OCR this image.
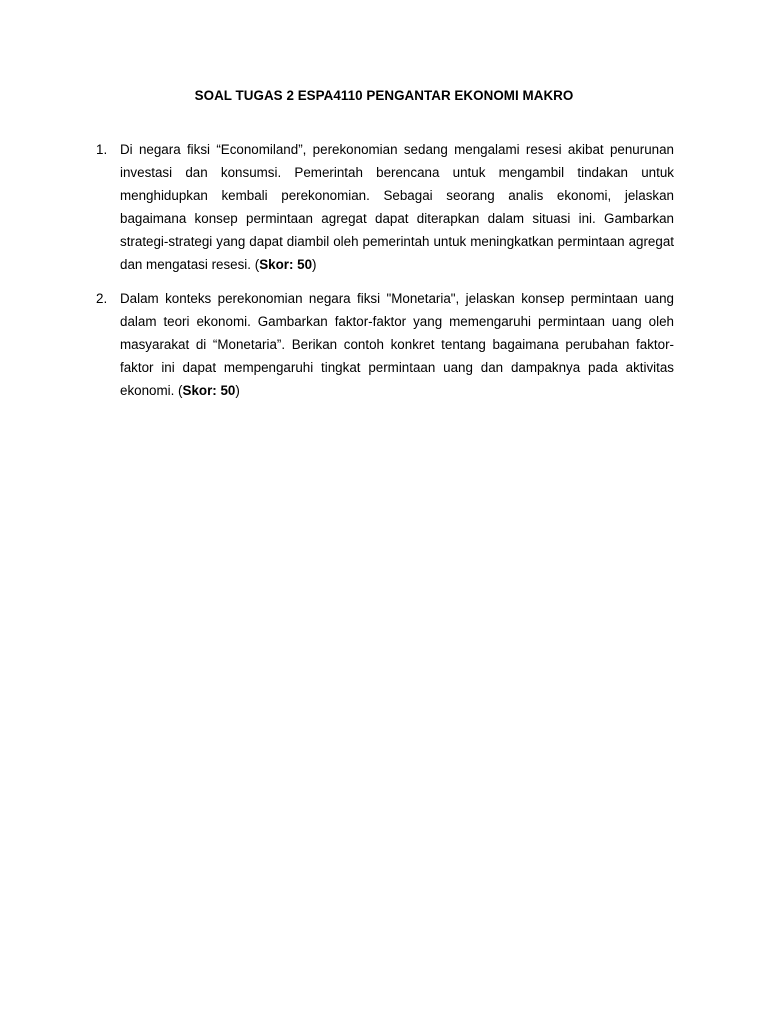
SOAL TUGAS 2 ESPA4110 PENGANTAR EKONOMI MAKRO
1. Di negara fiksi “Economiland”, perekonomian sedang mengalami resesi akibat penurunan investasi dan konsumsi. Pemerintah berencana untuk mengambil tindakan untuk menghidupkan kembali perekonomian. Sebagai seorang analis ekonomi, jelaskan bagaimana konsep permintaan agregat dapat diterapkan dalam situasi ini. Gambarkan strategi-strategi yang dapat diambil oleh pemerintah untuk meningkatkan permintaan agregat dan mengatasi resesi. (Skor: 50)
2. Dalam konteks perekonomian negara fiksi "Monetaria", jelaskan konsep permintaan uang dalam teori ekonomi. Gambarkan faktor-faktor yang memengaruhi permintaan uang oleh masyarakat di “Monetaria”. Berikan contoh konkret tentang bagaimana perubahan faktor-faktor ini dapat mempengaruhi tingkat permintaan uang dan dampaknya pada aktivitas ekonomi. (Skor: 50)
